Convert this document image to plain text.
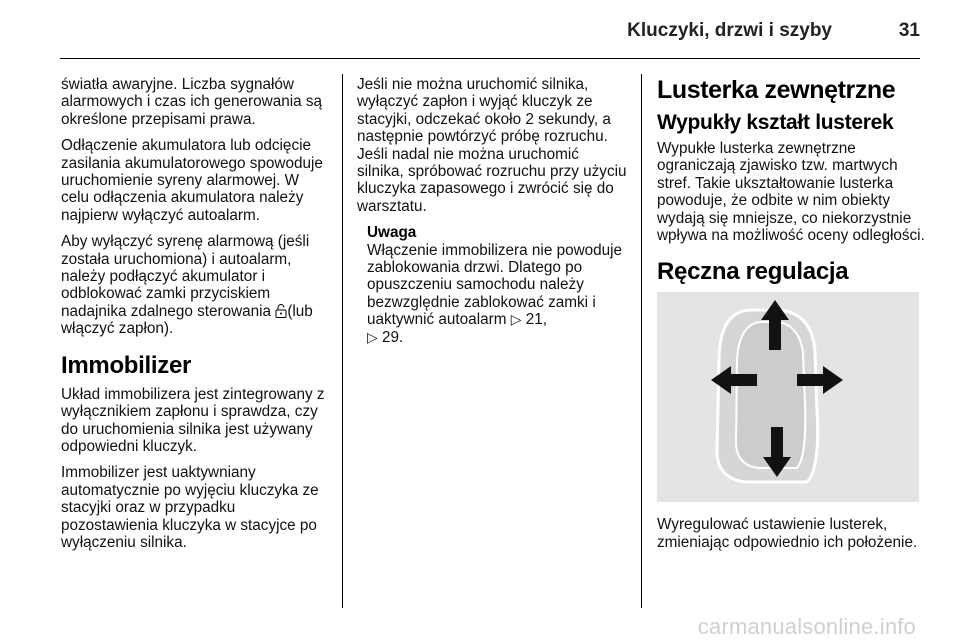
Kluczyki, drzwi i szyby	31

światła awaryjne. Liczba sygnałów alarmowych i czas ich generowania są określone przepisami prawa.

Odłączenie akumulatora lub odcięcie zasilania akumulatorowego spowoduje uruchomienie syreny alarmowej. W celu odłączenia akumulatora należy najpierw wyłączyć autoalarm.

Aby wyłączyć syrenę alarmową (jeśli została uruchomiona) i autoalarm, należy podłączyć akumulator i odblokować zamki przyciskiem nadajnika zdalnego sterowania (lub włączyć zapłon).

Immobilizer

Układ immobilizera jest zintegrowany z wyłącznikiem zapłonu i sprawdza, czy do uruchomienia silnika jest używany odpowiedni kluczyk.

Immobilizer jest uaktywniany automatycznie po wyjęciu kluczyka ze stacyjki oraz w przypadku pozostawienia kluczyka w stacyjce po wyłączeniu silnika.

Jeśli nie można uruchomić silnika, wyłączyć zapłon i wyjąć kluczyk ze stacyjki, odczekać około 2 sekundy, a następnie powtórzyć próbę rozruchu. Jeśli nadal nie można uruchomić silnika, spróbować rozruchu przy użyciu kluczyka zapasowego i zwrócić się do warsztatu.

Uwaga

Włączenie immobilizera nie powoduje zablokowania drzwi. Dlatego po opuszczeniu samochodu należy bezwzględnie zablokować zamki i uaktywnić autoalarm ▷ 21,
▷ 29.

Lusterka zewnętrzne
Wypukły kształt lusterek

Wypukłe lusterka zewnętrzne ograniczają zjawisko tzw. martwych stref. Takie ukształtowanie lusterka powoduje, że odbite w nim obiekty wydają się mniejsze, co niekorzystnie wpływa na możliwość oceny odległości.

Ręczna regulacja

Wyregulować ustawienie lusterek, zmieniając odpowiednio ich położenie.

carmanualsonline.info
